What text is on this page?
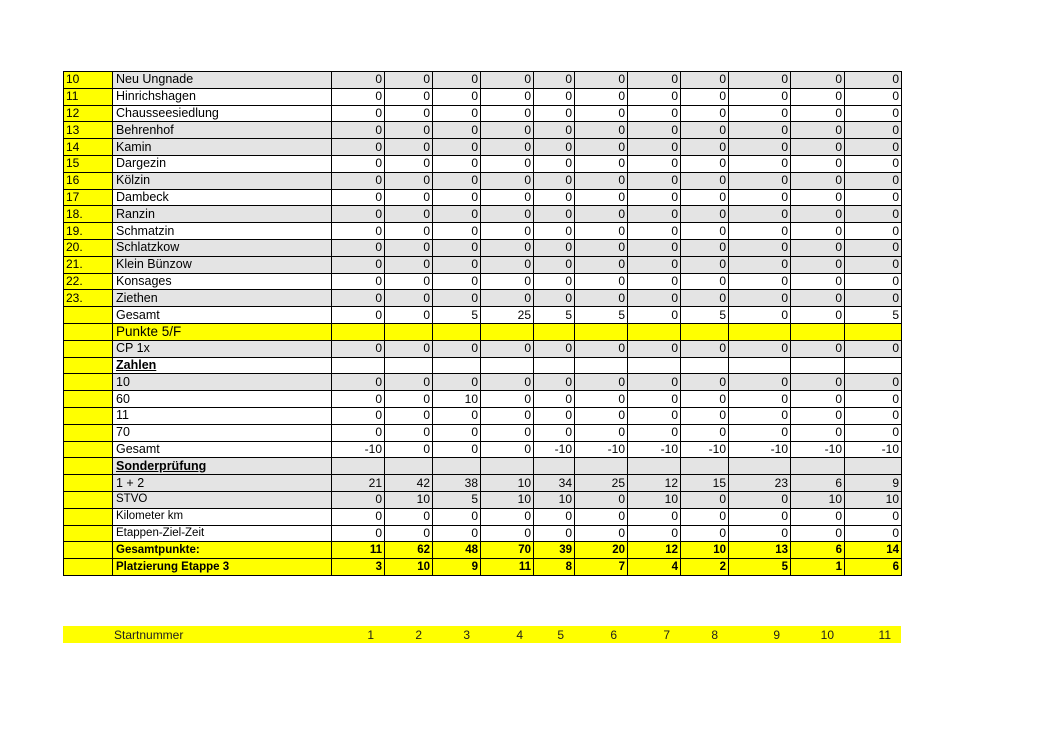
10	Neu Ungnade	0	0	0	0	0	0	0	0	0	0	0
11	Hinrichshagen	0	0	0	0	0	0	0	0	0	0	0
12	Chausseesiedlung	0	0	0	0	0	0	0	0	0	0	0
13	Behrenhof	0	0	0	0	0	0	0	0	0	0	0
14	Kamin	0	0	0	0	0	0	0	0	0	0	0
15	Dargezin	0	0	0	0	0	0	0	0	0	0	0
16	Kölzin	0	0	0	0	0	0	0	0	0	0	0
17	Dambeck	0	0	0	0	0	0	0	0	0	0	0
18.	Ranzin	0	0	0	0	0	0	0	0	0	0	0
19.	Schmatzin	0	0	0	0	0	0	0	0	0	0	0
20.	Schlatzkow	0	0	0	0	0	0	0	0	0	0	0
21.	Klein Bünzow	0	0	0	0	0	0	0	0	0	0	0
22.	Konsages	0	0	0	0	0	0	0	0	0	0	0
23.	Ziethen	0	0	0	0	0	0	0	0	0	0	0
	Gesamt	0	0	5	25	5	5	0	5	0	0	5
	Punkte 5/F											
	CP 1x	0	0	0	0	0	0	0	0	0	0	0
	Zahlen											
	10	0	0	0	0	0	0	0	0	0	0	0
	60	0	0	10	0	0	0	0	0	0	0	0
	11	0	0	0	0	0	0	0	0	0	0	0
	70	0	0	0	0	0	0	0	0	0	0	0
	Gesamt	-10	0	0	0	-10	-10	-10	-10	-10	-10	-10
	Sonderprüfung											
	1 + 2	21	42	38	10	34	25	12	15	23	6	9
	STVO	0	10	5	10	10	0	10	0	0	10	10
	Kilometer km	0	0	0	0	0	0	0	0	0	0	0
	Etappen-Ziel-Zeit	0	0	0	0	0	0	0	0	0	0	0
	Gesamtpunkte:	11	62	48	70	39	20	12	10	13	6	14
	Platzierung Etappe 3	3	10	9	11	8	7	4	2	5	1	6
	Startnummer	1	2	3	4	5	6	7	8	9	10	11
